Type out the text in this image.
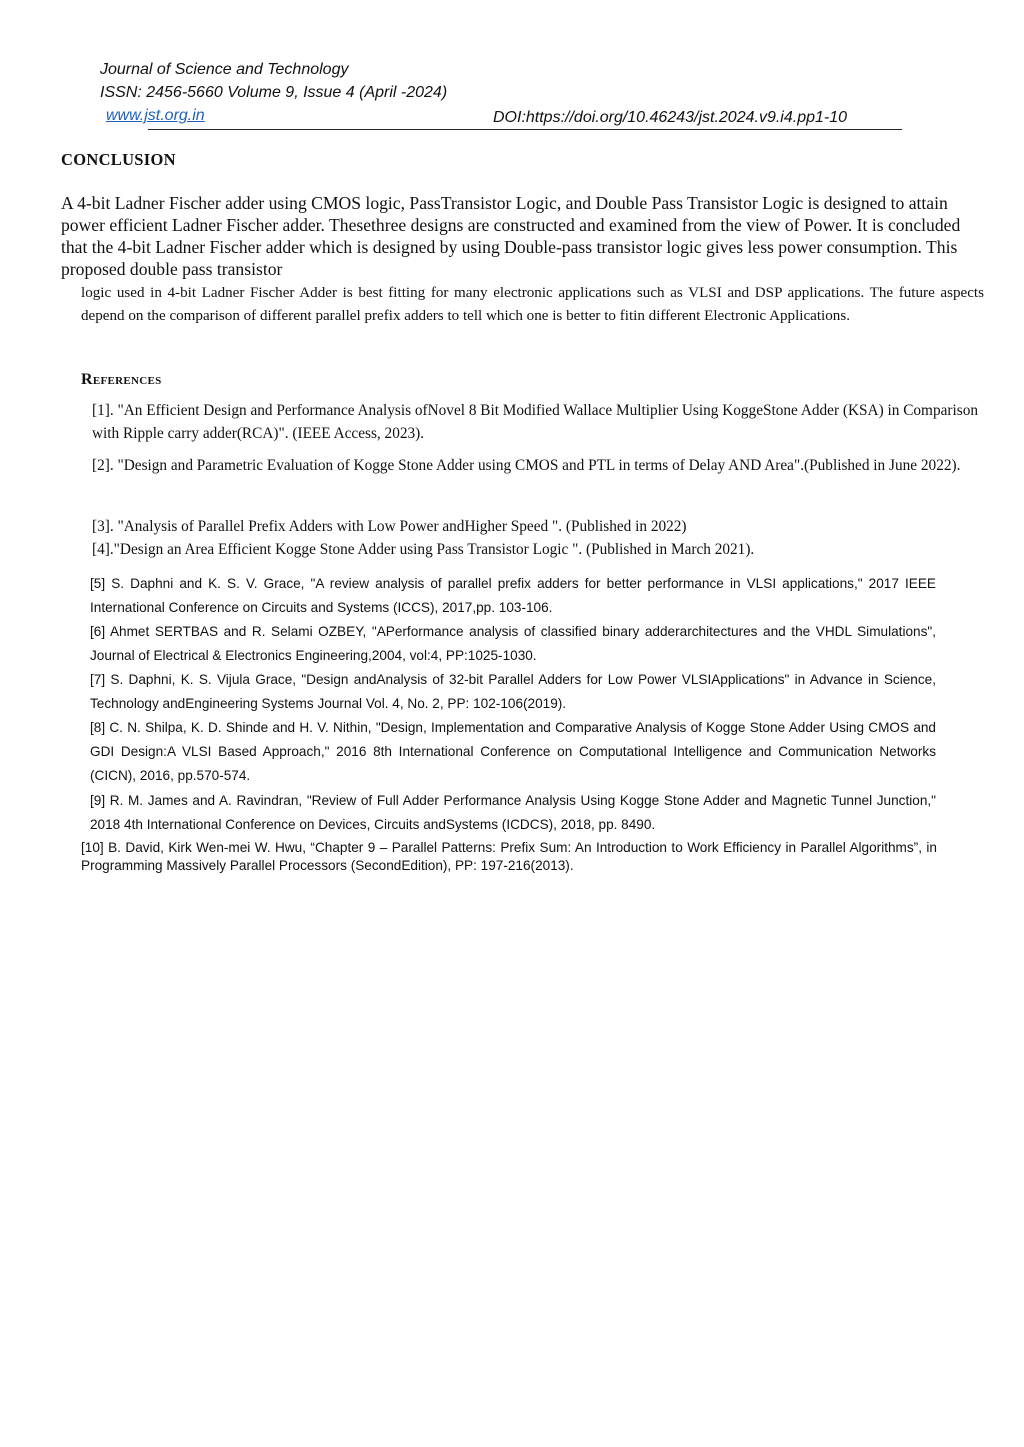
Journal of Science and Technology
ISSN: 2456-5660 Volume 9, Issue 4 (April -2024)
www.jst.org.in	DOI:https://doi.org/10.46243/jst.2024.v9.i4.pp1-10
CONCLUSION
A 4-bit Ladner Fischer adder using CMOS logic, PassTransistor Logic, and Double Pass Transistor Logic is designed to attain power efficient Ladner Fischer adder. Thesethree designs are constructed and examined from the view of Power. It is concluded that the 4-bit Ladner Fischer adder which is designed by using Double-pass transistor logic gives less power consumption. This proposed double pass transistor
logic used in 4-bit Ladner Fischer Adder is best fitting for many electronic applications such as VLSI and DSP applications. The future aspects depend on the comparison of different parallel prefix adders to tell which one is better to fitin different Electronic Applications.
References
[1]. "An Efficient Design and Performance Analysis ofNovel 8 Bit Modified Wallace Multiplier Using KoggeStone Adder (KSA) in Comparison with Ripple carry adder(RCA)". (IEEE Access, 2023).
[2]. "Design and Parametric Evaluation of Kogge Stone Adder using CMOS and PTL in terms of Delay AND Area".(Published in June 2022).
[3]. "Analysis of Parallel Prefix Adders with Low Power andHigher Speed ". (Published in 2022)
[4]."Design an Area Efficient Kogge Stone Adder using Pass Transistor Logic ". (Published in March 2021).
[5] S. Daphni and K. S. V. Grace, "A review analysis of parallel prefix adders for better performance in VLSI applications," 2017 IEEE International Conference on Circuits and Systems (ICCS), 2017,pp. 103-106.
[6] Ahmet SERTBAS and R. Selami OZBEY, "APerformance analysis of classified binary adderarchitectures and the VHDL Simulations", Journal of Electrical & Electronics Engineering,2004, vol:4, PP:1025-1030.
[7] S. Daphni, K. S. Vijula Grace, "Design andAnalysis of 32-bit Parallel Adders for Low Power VLSIApplications" in Advance in Science, Technology andEngineering Systems Journal Vol. 4, No. 2, PP: 102-106(2019).
[8] C. N. Shilpa, K. D. Shinde and H. V. Nithin, "Design, Implementation and Comparative Analysis of Kogge Stone Adder Using CMOS and GDI Design:A VLSI Based Approach," 2016 8th International Conference on Computational Intelligence and Communication Networks (CICN), 2016, pp.570-574.
[9] R. M. James and A. Ravindran, "Review of Full Adder Performance Analysis Using Kogge Stone Adder and Magnetic Tunnel Junction," 2018 4th International Conference on Devices, Circuits andSystems (ICDCS), 2018, pp. 8490.
[10] B. David, Kirk Wen-mei W. Hwu, “Chapter 9 – Parallel Patterns: Prefix Sum: An Introduction to Work Efficiency in Parallel Algorithms”, in Programming Massively Parallel Processors (SecondEdition), PP: 197-216(2013).
